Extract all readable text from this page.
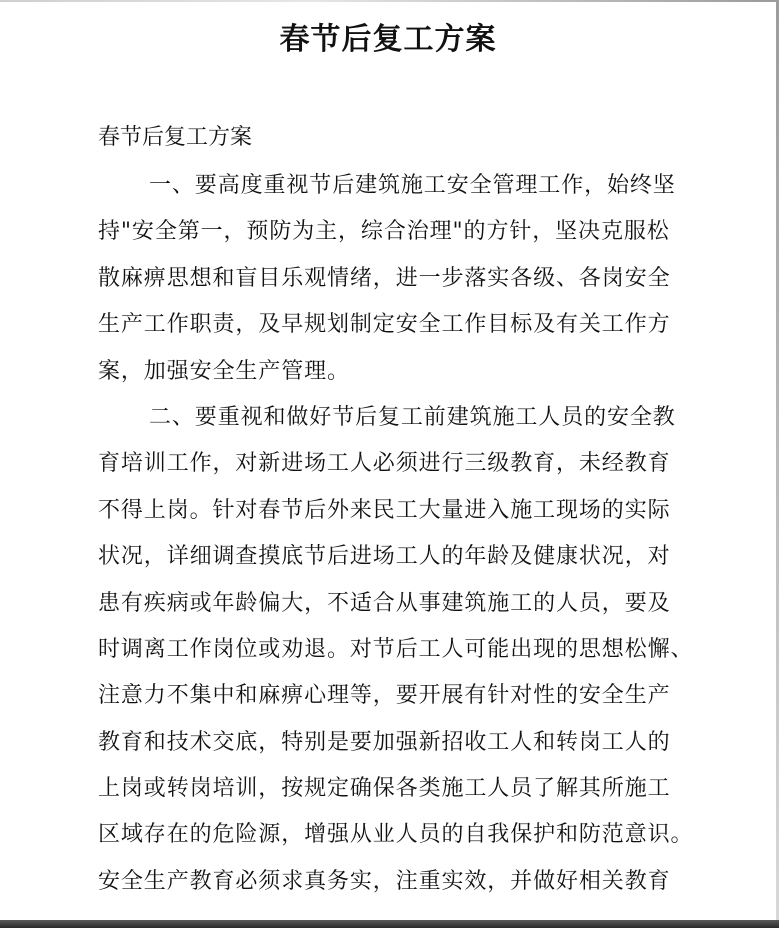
春节后复工方案
春节后复工方案
一、要高度重视节后建筑施工安全管理工作，始终坚
持"安全第一，预防为主，综合治理"的方针，坚决克服松
散麻痹思想和盲目乐观情绪，进一步落实各级、各岗安全
生产工作职责，及早规划制定安全工作目标及有关工作方
案，加强安全生产管理。
二、要重视和做好节后复工前建筑施工人员的安全教
育培训工作，对新进场工人必须进行三级教育，未经教育
不得上岗。针对春节后外来民工大量进入施工现场的实际
状况，详细调查摸底节后进场工人的年龄及健康状况，对
患有疾病或年龄偏大，不适合从事建筑施工的人员，要及
时调离工作岗位或劝退。对节后工人可能出现的思想松懈、
注意力不集中和麻痹心理等，要开展有针对性的安全生产
教育和技术交底，特别是要加强新招收工人和转岗工人的
上岗或转岗培训，按规定确保各类施工人员了解其所施工
区域存在的危险源，增强从业人员的自我保护和防范意识。
安全生产教育必须求真务实，注重实效，并做好相关教育
